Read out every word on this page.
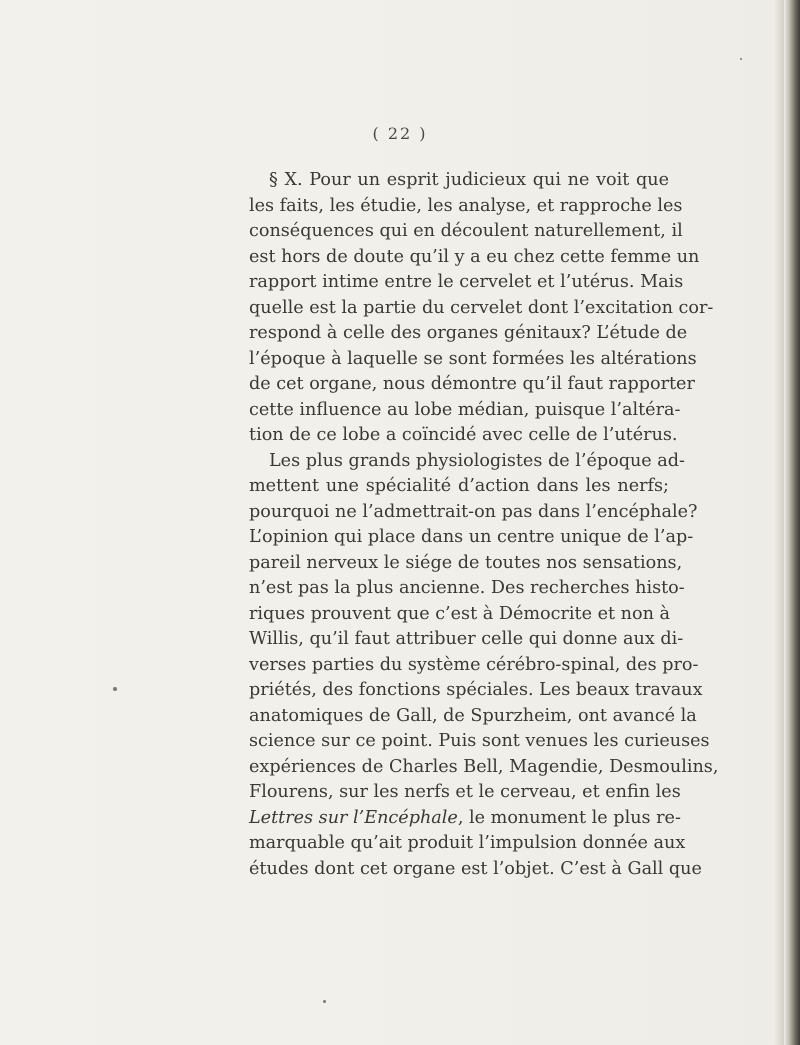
( 22 )
§ X. Pour un esprit judicieux qui ne voit que
les faits, les étudie, les analyse, et rapproche les
conséquences qui en découlent naturellement, il
est hors de doute qu’il y a eu chez cette femme un
rapport intime entre le cervelet et l’utérus. Mais
quelle est la partie du cervelet dont l’excitation cor-
respond à celle des organes génitaux? L’étude de
l’époque à laquelle se sont formées les altérations
de cet organe, nous démontre qu’il faut rapporter
cette influence au lobe médian, puisque l’altéra-
tion de ce lobe a coïncidé avec celle de l’utérus.
Les plus grands physiologistes de l’époque ad-
mettent une spécialité d’action dans les nerfs;
pourquoi ne l’admettrait-on pas dans l’encéphale?
L’opinion qui place dans un centre unique de l’ap-
pareil nerveux le siége de toutes nos sensations,
n’est pas la plus ancienne. Des recherches histo-
riques prouvent que c’est à Démocrite et non à
Willis, qu’il faut attribuer celle qui donne aux di-
verses parties du système cérébro-spinal, des pro-
priétés, des fonctions spéciales. Les beaux travaux
anatomiques de Gall, de Spurzheim, ont avancé la
science sur ce point. Puis sont venues les curieuses
expériences de Charles Bell, Magendie, Desmoulins,
Flourens, sur les nerfs et le cerveau, et enfin les
Lettres sur l’Encéphale, le monument le plus re-
marquable qu’ait produit l’impulsion donnée aux
études dont cet organe est l’objet. C’est à Gall que
